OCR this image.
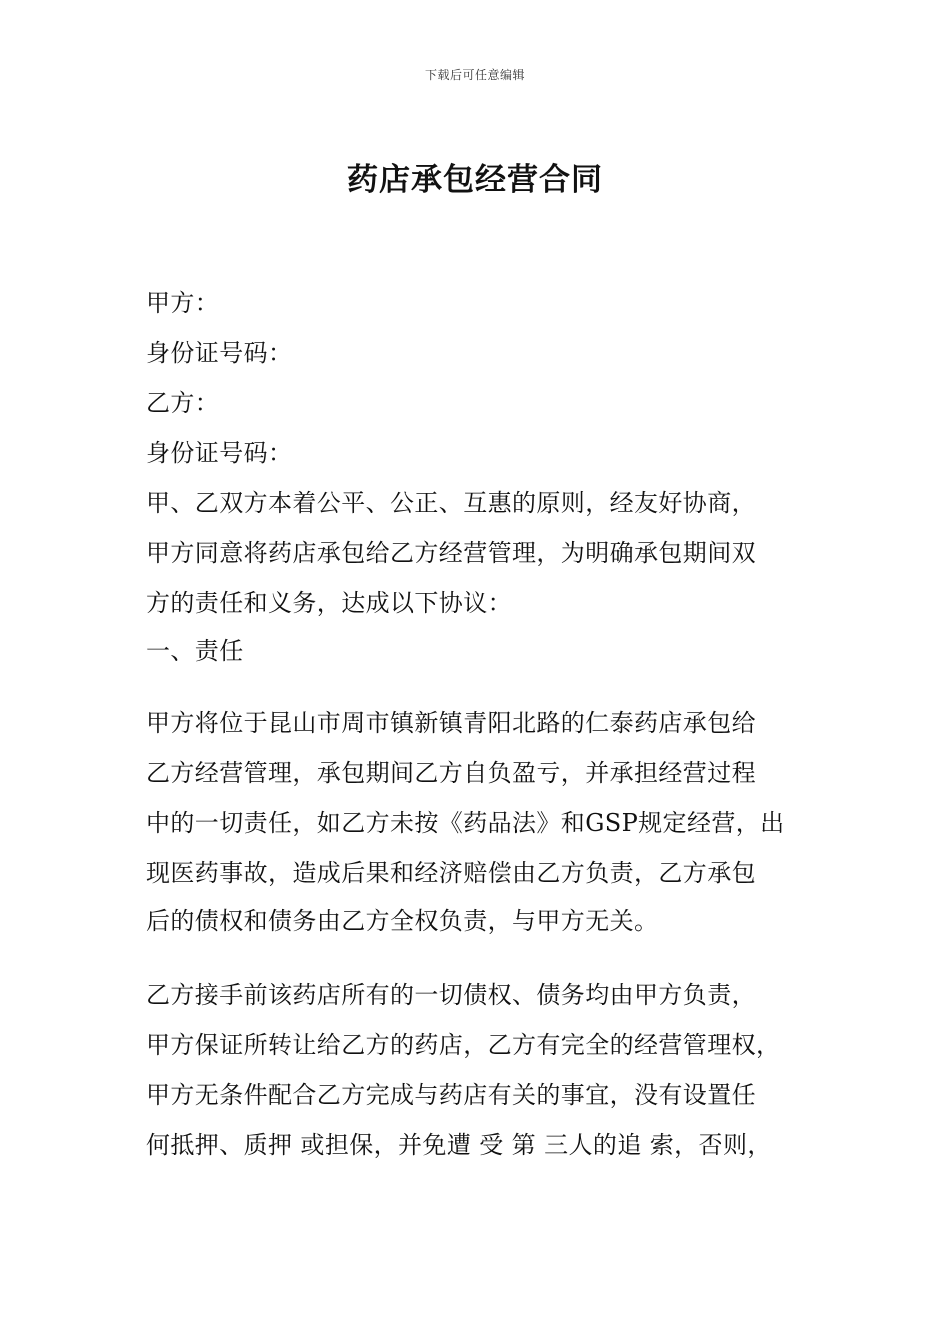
下载后可任意编辑
药店承包经营合同
甲方：
身份证号码：
乙方：
身份证号码：
甲、乙双方本着公平、公正、互惠的原则，经友好协商，
甲方同意将药店承包给乙方经营管理，为明确承包期间双
方的责任和义务，达成以下协议：
一、责任
甲方将位于昆山市周市镇新镇青阳北路的仁泰药店承包给
乙方经营管理，承包期间乙方自负盈亏，并承担经营过程
中的一切责任，如乙方未按《药品法》和GSP规定经营，出
现医药事故，造成后果和经济赔偿由乙方负责，乙方承包
后的债权和债务由乙方全权负责，与甲方无关。
乙方接手前该药店所有的一切债权、债务均由甲方负责，
甲方保证所转让给乙方的药店，乙方有完全的经营管理权，
甲方无条件配合乙方完成与药店有关的事宜，没有设置任
何抵押、质押 或担保，并免遭 受 第 三人的追 索，否则，
